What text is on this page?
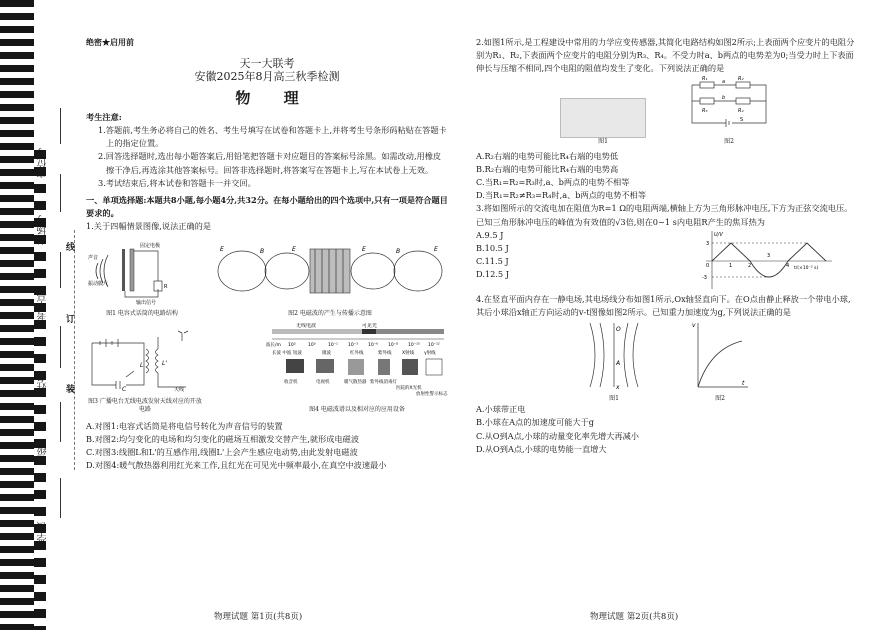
座位号
考场号
考生号
姓名
班级
学校
线
订
装
绝密★启用前
天一大联考
安徽2025年8月高三秋季检测
物 理
考生注意:

1.答题前,考生务必将自己的姓名、考生号填写在试卷和答题卡上,并将考生号条形码粘贴在答题卡上的指定位置。

2.回答选择题时,选出每小题答案后,用铅笔把答题卡对应题目的答案标号涂黑。如需改动,用橡皮擦干净后,再选涂其他答案标号。回答非选择题时,将答案写在答题卡上,写在本试卷上无效。

3.考试结束后,将本试卷和答题卡一并交回。

一、单项选择题:本题共8小题,每小题4分,共32分。在每小题给出的四个选项中,只有一项是符合题目要求的。

1.关于四幅情景图像,说法正确的是

声音
固定电极
振动膜片	R
输出信号
图1 电容式话筒的电路结构
E	B	E	E	B	E
图2 电磁波的产生与传播示意图
L	L'
C	天线
图3 广播电台无线电波发射天线对应的开放电路
无线电波	可见光
波长/m 10³	10⁰	10⁻¹ 10⁻³ 10⁻⁶ 10⁻⁸ 10⁻¹⁰ 10⁻¹²
长波 中波 短波	微波	红外线	紫外线 X射线 γ射线
收音机	电视机	暖气散热器 紫外线消毒灯
医院的X光机
放射性警示标志
图4 电磁波谱以及相对应的应用设备

A.对图1:电容式话筒是将电信号转化为声音信号的装置

B.对图2:均匀变化的电场和均匀变化的磁场互相激发交替产生,就形成电磁波

C.对图3:线圈L和L'的互感作用,线圈L'上会产生感应电动势,由此发射电磁波

D.对图4:暖气散热器利用红光来工作,且红光在可见光中频率最小,在真空中波速最小

2.如图1所示,是工程建设中常用的力学应变传感器,其简化电路结构如图2所示;上表面两个应变片的电阻分别为R₁、R₂,下表面两个应变片的电阻分别为R₃、R₄。不受力时a、b两点的电势差为0;当受力时上下表面伸长与压缩不相同,四个电阻的阻值均发生了变化。下列说法正确的是

图1
R₁	R₂
R₃	R₄
a
b
S
图2

A.R₂右端的电势可能比R₄右端的电势低

B.R₂右端的电势可能比R₄右端的电势高

C.当R₁=R₂=R₃时,a、b两点的电势不相等

D.当R₁=R₂≠R₃=R₄时,a、b两点的电势不相等

3.将如图所示的交流电加在阻值为R=1 Ω的电阻两端,横轴上方为三角形脉冲电压,下方为正弦交流电压。已知三角形脉冲电压的峰值为有效值的√3倍,则在0~1 s内电阻R产生的焦耳热为

A.9.5 J

B.10.5 J

C.11.5 J

D.12.5 J

U/V
3
-3
0	1	2
3
4 t/(×10⁻² s)

4.在竖直平面内存在一静电场,其电场线分布如图1所示,Ox轴竖直向下。在O点由静止释放一个带电小球,其后小球沿x轴正方向运动的v-t图像如图2所示。已知重力加速度为g,下列说法正确的是

O
A
x
图1
v
t
图2

A.小球带正电

B.小球在A点的加速度可能大于g

C.从O到A点,小球的动量变化率先增大再减小

D.从O到A点,小球的电势能一直增大

物理试题 第1页(共8页)	物理试题 第2页(共8页)
